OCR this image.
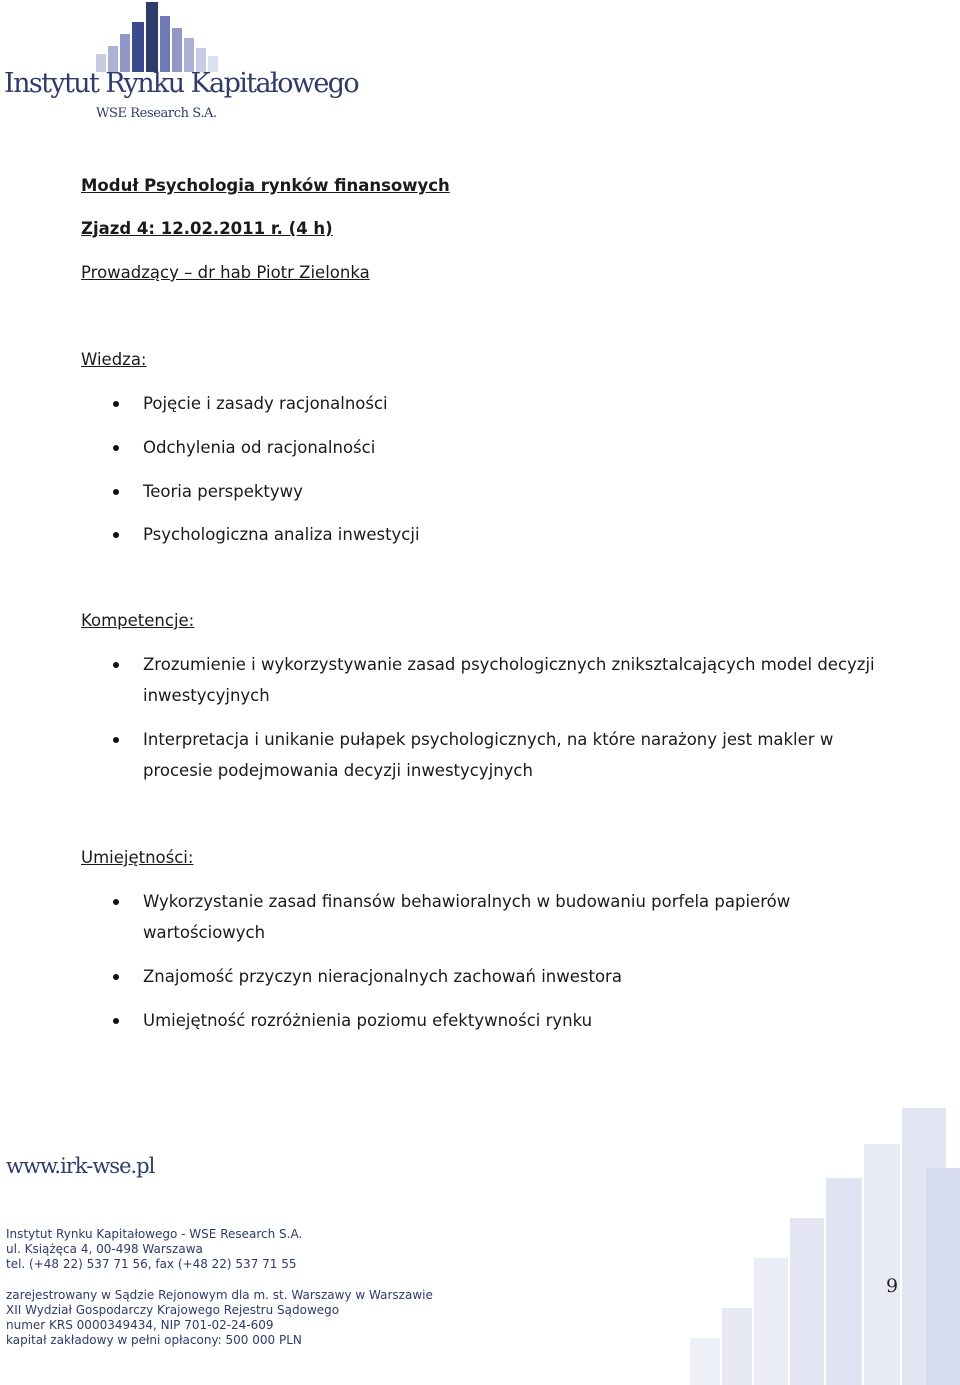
Instytut Rynku Kapitałowego
WSE Research S.A.
Moduł Psychologia rynków finansowych
Zjazd 4: 12.02.2011 r. (4 h)
Prowadzący – dr hab Piotr Zielonka
Wiedza:
Pojęcie i zasady racjonalności
Odchylenia od racjonalności
Teoria perspektywy
Psychologiczna analiza inwestycji
Kompetencje:
Zrozumienie i wykorzystywanie zasad psychologicznych zniksztalcających model decyzji inwestycyjnych
Interpretacja i unikanie pułapek psychologicznych, na które narażony jest makler w procesie podejmowania decyzji inwestycyjnych
Umiejętności:
Wykorzystanie zasad finansów behawioralnych w budowaniu porfela papierów wartościowych
Znajomość przyczyn nieracjonalnych zachowań inwestora
Umiejętność rozróżnienia poziomu efektywności rynku
9
www.irk-wse.pl
Instytut Rynku Kapitałowego - WSE Research S.A.
ul. Książęca 4, 00-498 Warszawa
tel. (+48 22) 537 71 56, fax (+48 22) 537 71 55
zarejestrowany w Sądzie Rejonowym dla m. st. Warszawy w Warszawie
XII Wydział Gospodarczy Krajowego Rejestru Sądowego
numer KRS 0000349434, NIP 701-02-24-609
kapitał zakładowy w pełni opłacony: 500 000 PLN
